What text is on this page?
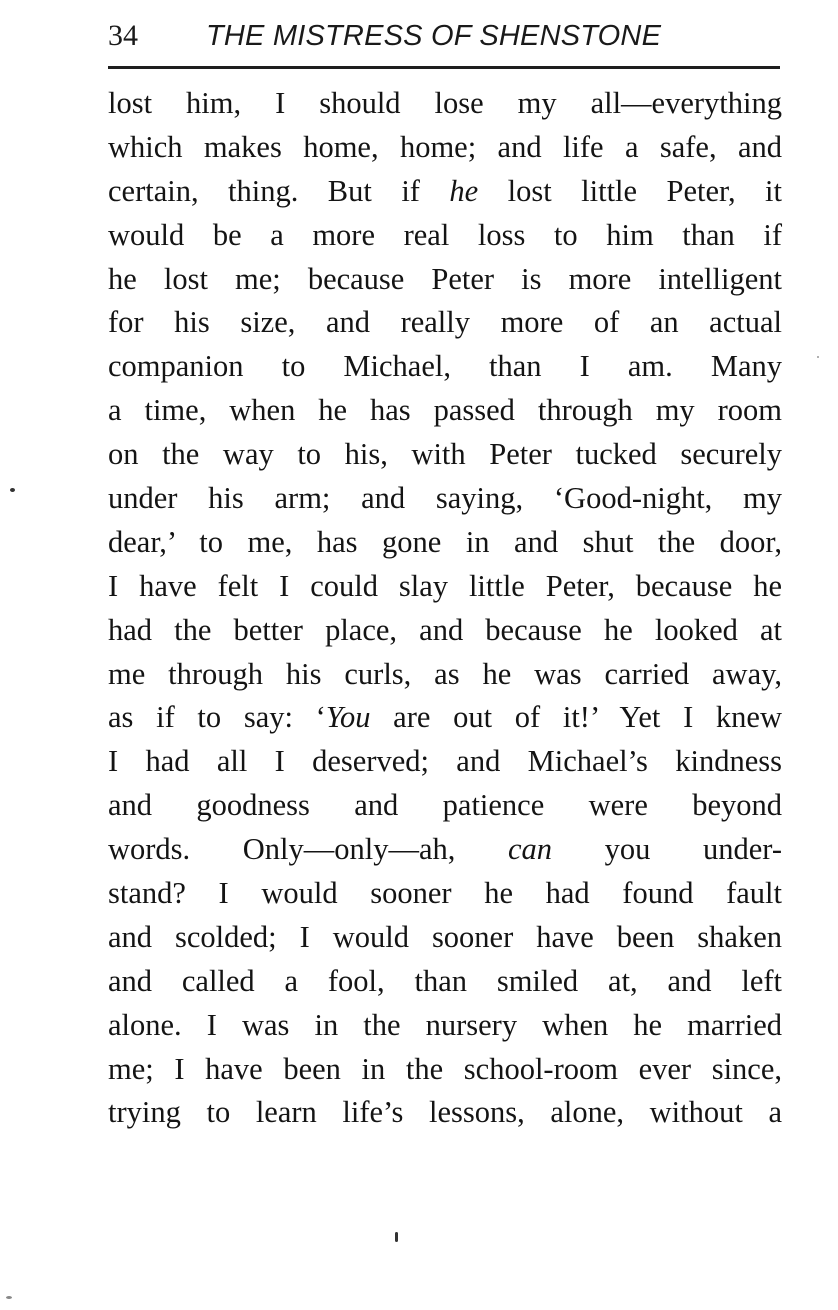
34 THE MISTRESS OF SHENSTONE
lost him, I should lose my all—everything
which makes home, home; and life a safe, and
certain, thing. But if he lost little Peter, it
would be a more real loss to him than if
he lost me; because Peter is more intelligent
for his size, and really more of an actual
companion to Michael, than I am. Many
a time, when he has passed through my room
on the way to his, with Peter tucked securely
under his arm; and saying, ‘Good-night, my
dear,’ to me, has gone in and shut the door,
I have felt I could slay little Peter, because he
had the better place, and because he looked at
me through his curls, as he was carried away,
as if to say: ‘You are out of it!’ Yet I knew
I had all I deserved; and Michael’s kindness
and goodness and patience were beyond
words. Only—only—ah, can you under-
stand? I would sooner he had found fault
and scolded; I would sooner have been shaken
and called a fool, than smiled at, and left
alone. I was in the nursery when he married
me; I have been in the school-room ever since,
trying to learn life’s lessons, alone, without a
